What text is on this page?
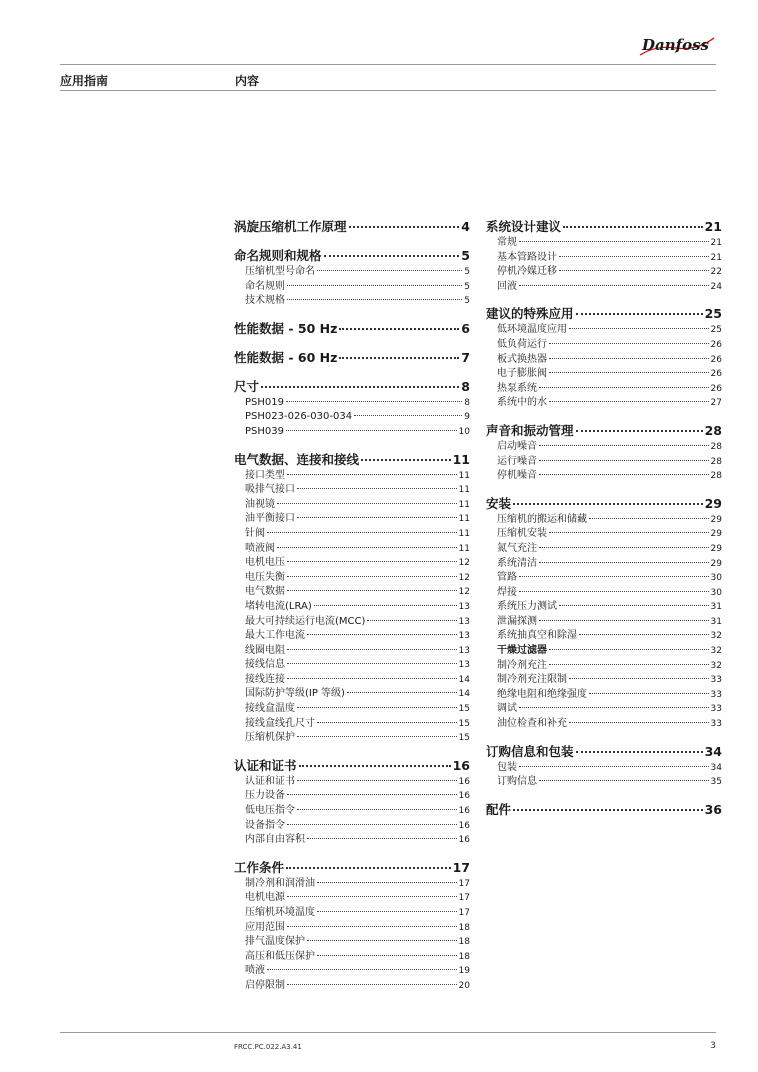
Danfoss
应用指南	内容
涡旋压缩机工作原理	4
命名规则和规格	5
压缩机型号命名	5
命名规则	5
技术规格	5
性能数据 - 50 Hz	6
性能数据 - 60 Hz	7
尺寸	8
PSH019	8
PSH023-026-030-034	9
PSH039	10
电气数据、连接和接线	11
接口类型	11
吸排气接口	11
油视镜	11
油平衡接口	11
针阀	11
喷液阀	11
电机电压	12
电压失衡	12
电气数据	12
堵转电流(LRA)	13
最大可持续运行电流(MCC)	13
最大工作电流	13
线圈电阻	13
接线信息	13
接线连接	14
国际防护等级(IP 等级)	14
接线盒温度	15
接线盒线孔尺寸	15
压缩机保护	15
认证和证书	16
认证和证书	16
压力设备	16
低电压指令	16
设备指令	16
内部自由容积	16
工作条件	17
制冷剂和润滑油	17
电机电源	17
压缩机环境温度	17
应用范围	18
排气温度保护	18
高压和低压保护	18
喷液	19
启停限制	20
系统设计建议	21
常规	21
基本管路设计	21
停机冷媒迁移	22
回液	24
建议的特殊应用	25
低环境温度应用	25
低负荷运行	26
板式换热器	26
电子膨胀阀	26
热泵系统	26
系统中的水	27
声音和振动管理	28
启动噪音	28
运行噪音	28
停机噪音	28
安装	29
压缩机的搬运和储藏	29
压缩机安装	29
氮气充注	29
系统清洁	29
管路	30
焊接	30
系统压力测试	31
泄漏探测	31
系统抽真空和除湿	32
干燥过滤器	32
制冷剂充注	32
制冷剂充注限制	33
绝缘电阻和绝缘强度	33
调试	33
油位检查和补充	33
订购信息和包装	34
包装	34
订购信息	35
配件	36
FRCC.PC.022.A3.41	3
